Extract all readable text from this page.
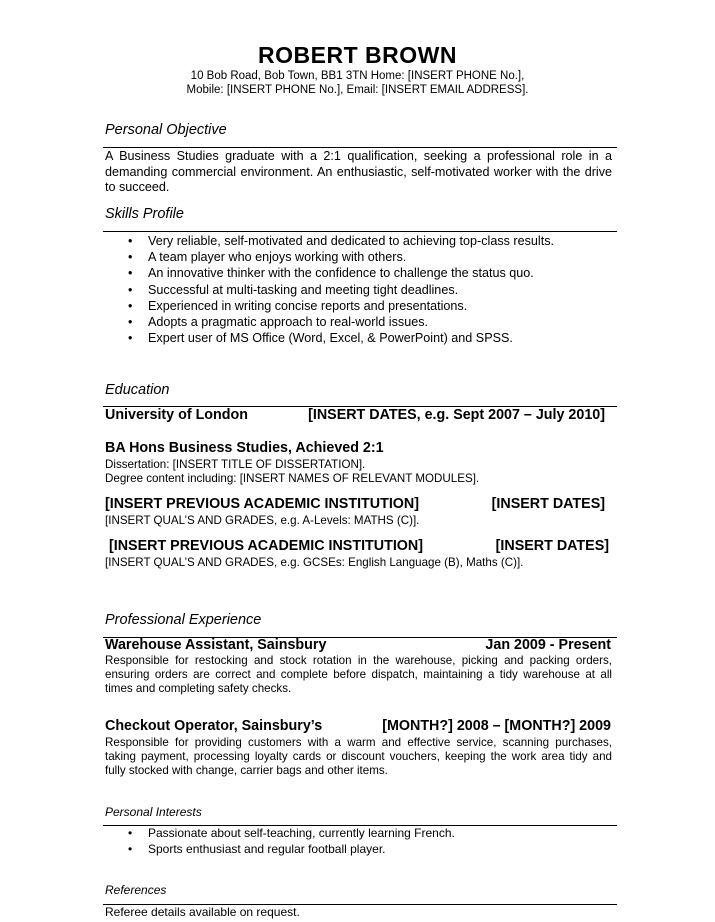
ROBERT BROWN
10 Bob Road, Bob Town, BB1 3TN Home: [INSERT PHONE No.],
Mobile: [INSERT PHONE No.], Email: [INSERT EMAIL ADDRESS].
Personal Objective
A Business Studies graduate with a 2:1 qualification, seeking a professional role in a demanding commercial environment. An enthusiastic, self-motivated worker with the drive to succeed.
Skills Profile
• Very reliable, self-motivated and dedicated to achieving top-class results.
• A team player who enjoys working with others.
• An innovative thinker with the confidence to challenge the status quo.
• Successful at multi-tasking and meeting tight deadlines.
• Experienced in writing concise reports and presentations.
• Adopts a pragmatic approach to real-world issues.
• Expert user of MS Office (Word, Excel, & PowerPoint) and SPSS.
Education
University of London	[INSERT DATES, e.g. Sept 2007 – July 2010]
BA Hons Business Studies, Achieved 2:1
Dissertation: [INSERT TITLE OF DISSERTATION].
Degree content including: [INSERT NAMES OF RELEVANT MODULES].
[INSERT PREVIOUS ACADEMIC INSTITUTION]	[INSERT DATES]
[INSERT QUAL’S AND GRADES, e.g. A-Levels: MATHS (C)].
[INSERT PREVIOUS ACADEMIC INSTITUTION]	[INSERT DATES]
[INSERT QUAL’S AND GRADES, e.g. GCSEs: English Language (B), Maths (C)].
Professional Experience
Warehouse Assistant, Sainsbury	Jan 2009 - Present
Responsible for restocking and stock rotation in the warehouse, picking and packing orders, ensuring orders are correct and complete before dispatch, maintaining a tidy warehouse at all times and completing safety checks.
Checkout Operator, Sainsbury’s	[MONTH?] 2008 – [MONTH?] 2009
Responsible for providing customers with a warm and effective service, scanning purchases, taking payment, processing loyalty cards or discount vouchers, keeping the work area tidy and fully stocked with change, carrier bags and other items.
Personal Interests
• Passionate about self-teaching, currently learning French.
• Sports enthusiast and regular football player.
References
Referee details available on request.
